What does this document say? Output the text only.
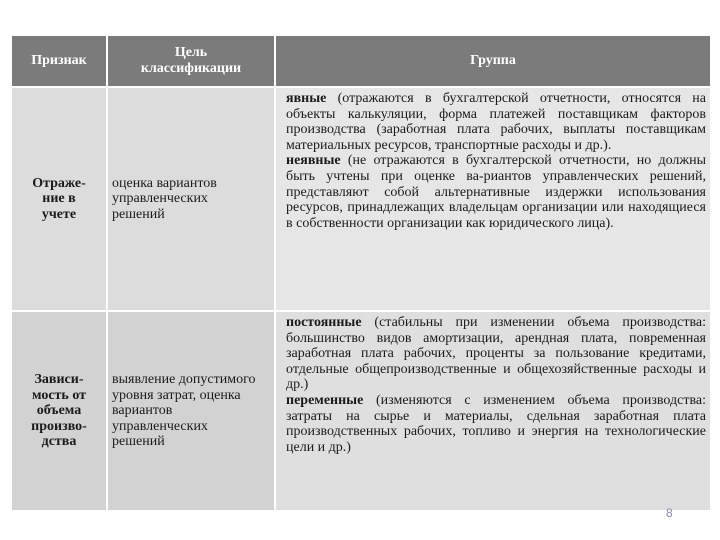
Признак
Цель классификации
Группа
Отраже-ние в учете
оценка вариантов управленческих решений
явные (отражаются в бухгалтерской отчетности, относятся на объекты калькуляции, форма платежей поставщикам факторов производства (заработная плата рабочих, выплаты поставщикам материальных ресурсов, транспортные расходы и др.).
неявные (не отражаются в бухгалтерской отчетности, но должны быть учтены при оценке ва-риантов управленческих решений, представляют собой альтернативные издержки использования ресурсов, принадлежащих владельцам организации или находящиеся в собственности организации как юридического лица).
Зависи-мость от объема произво-дства
выявление допустимого уровня затрат, оценка вариантов управленческих решений
постоянные (стабильны при изменении объема производства: большинство видов амортизации, арендная плата, повременная заработная плата рабочих, проценты за пользование кредитами, отдельные общепроизводственные и общехозяйственные расходы и др.)
переменные (изменяются с изменением объема производства: затраты на сырье и материалы, сдельная заработная плата производственных рабочих, топливо и энергия на технологические цели и др.)
8
